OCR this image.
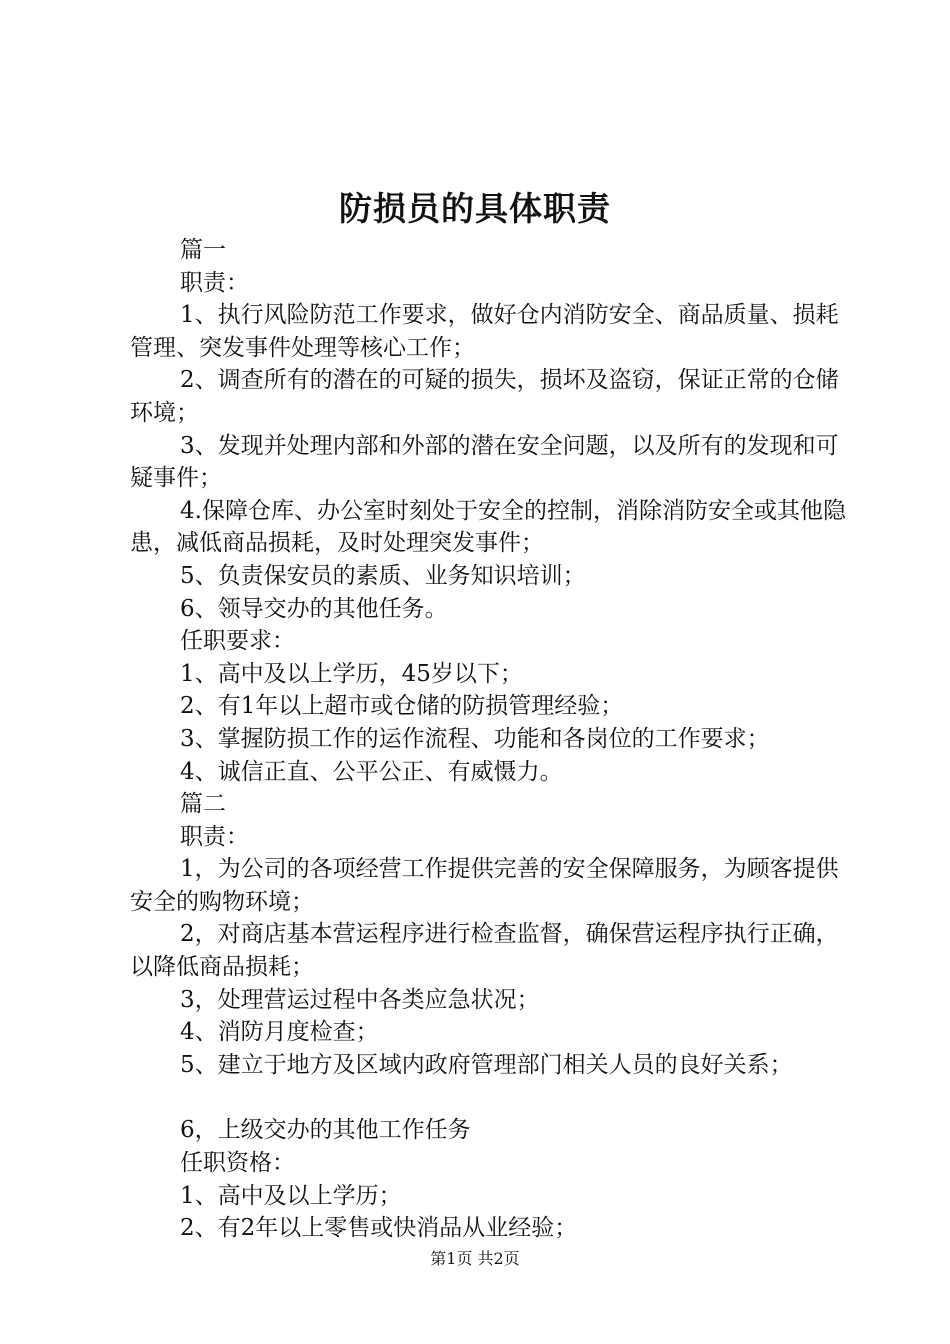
防损员的具体职责

篇一

职责：

1、执行风险防范工作要求，做好仓内消防安全、商品质量、损耗管理、突发事件处理等核心工作；

2、调查所有的潜在的可疑的损失，损坏及盗窃，保证正常的仓储环境；

3、发现并处理内部和外部的潜在安全问题，以及所有的发现和可疑事件；

4.保障仓库、办公室时刻处于安全的控制，消除消防安全或其他隐患，减低商品损耗，及时处理突发事件；

5、负责保安员的素质、业务知识培训；

6、领导交办的其他任务。

任职要求：

1、高中及以上学历，45岁以下；

2、有1年以上超市或仓储的防损管理经验；

3、掌握防损工作的运作流程、功能和各岗位的工作要求；

4、诚信正直、公平公正、有威慑力。

篇二

职责：

1，为公司的各项经营工作提供完善的安全保障服务，为顾客提供安全的购物环境；

2，对商店基本营运程序进行检查监督，确保营运程序执行正确，以降低商品损耗；

3，处理营运过程中各类应急状况；

4、消防月度检查；

5、建立于地方及区域内政府管理部门相关人员的良好关系；

6，上级交办的其他工作任务

任职资格：

1、高中及以上学历；

2、有2年以上零售或快消品从业经验；

第1页 共2页
